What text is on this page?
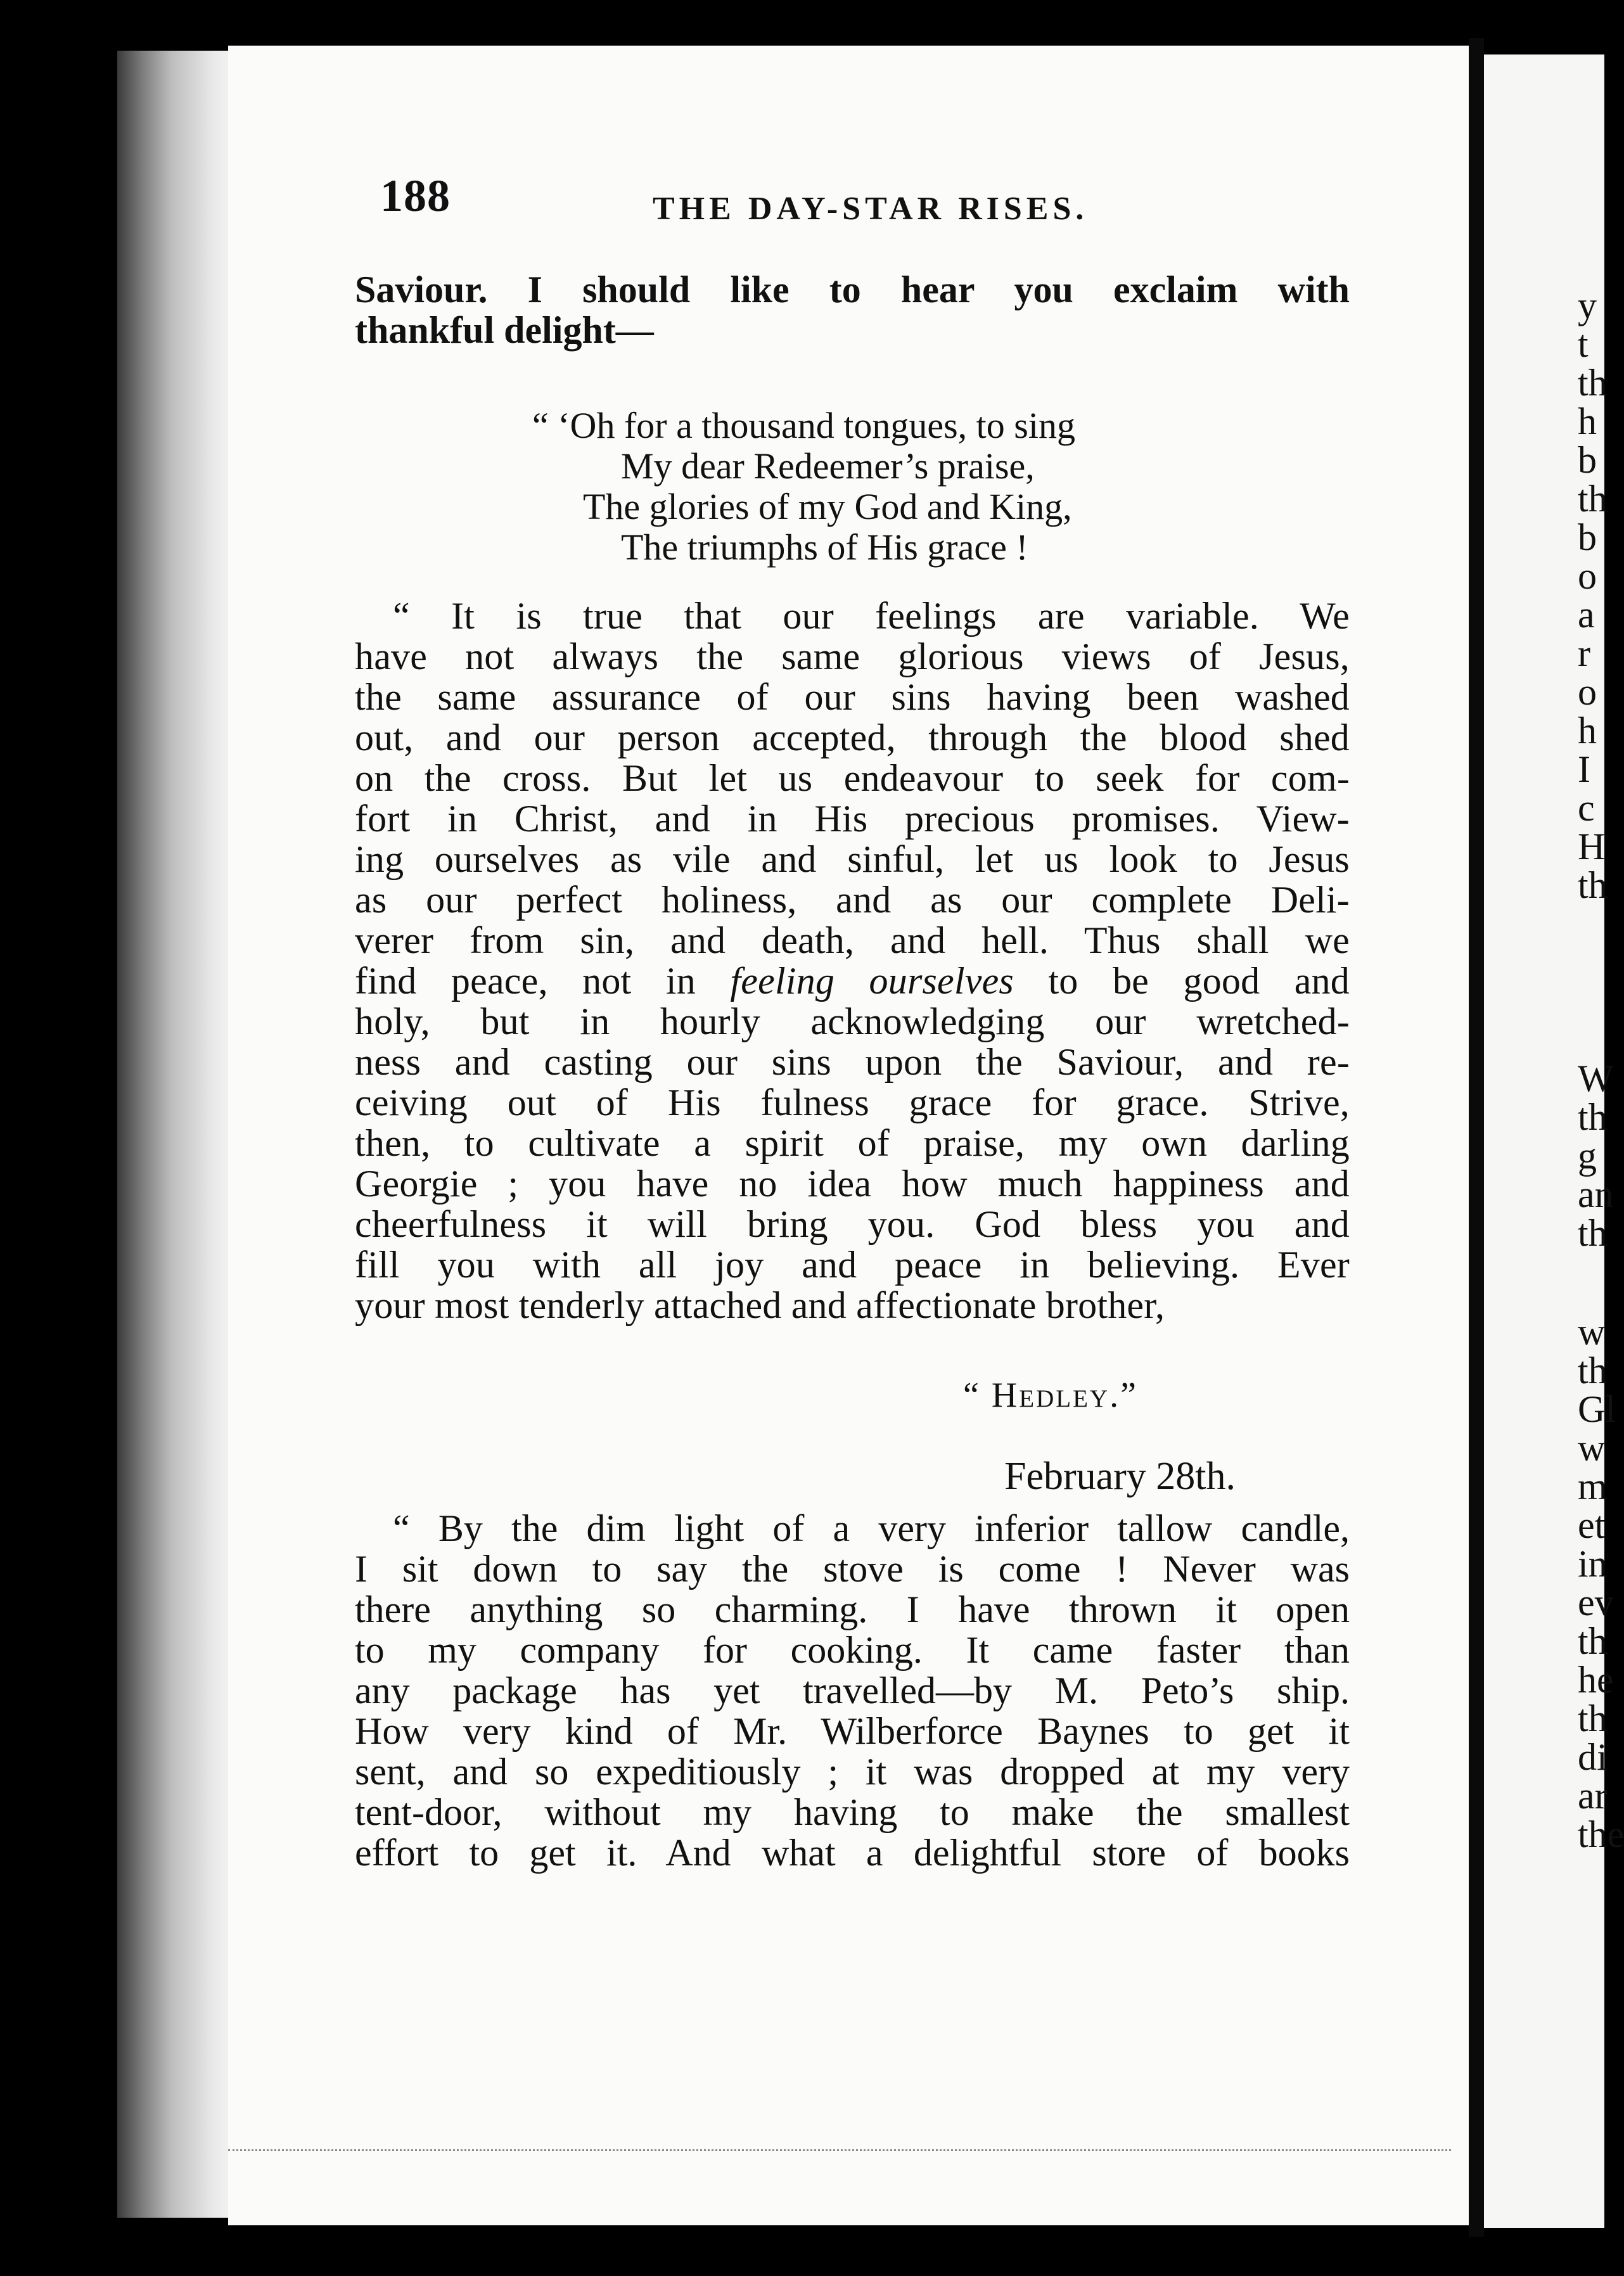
188	THE DAY-STAR RISES.
Saviour. I should like to hear you exclaim with
thankful delight—
“ ‘Oh for a thousand tongues, to sing
My dear Redeemer’s praise,
The glories of my God and King,
The triumphs of His grace !
“ It is true that our feelings are variable. We
have not always the same glorious views of Jesus,
the same assurance of our sins having been washed
out, and our person accepted, through the blood shed
on the cross. But let us endeavour to seek for com-
fort in Christ, and in His precious promises. View-
ing ourselves as vile and sinful, let us look to Jesus
as our perfect holiness, and as our complete Deli-
verer from sin, and death, and hell. Thus shall we
find peace, not in feeling ourselves to be good and
holy, but in hourly acknowledging our wretched-
ness and casting our sins upon the Saviour, and re-
ceiving out of His fulness grace for grace. Strive,
then, to cultivate a spirit of praise, my own darling
Georgie ; you have no idea how much happiness and
cheerfulness it will bring you. God bless you and
fill you with all joy and peace in believing. Ever
your most tenderly attached and affectionate brother,
“ Hedley.”
February 28th.
“ By the dim light of a very inferior tallow candle,
I sit down to say the stove is come ! Never was
there anything so charming. I have thrown it open
to my company for cooking. It came faster than
any package has yet travelled—by M. Peto’s ship.
How very kind of Mr. Wilberforce Baynes to get it
sent, and so expeditiously ; it was dropped at my very
tent-door, without my having to make the smallest
effort to get it. And what a delightful store of books
y
t
th
h
b
th
b
o
a
r
o
h
I
c
H
th
W
th
g
an
th
w
th
Gl
w
m
et
in
ev
th
he
th
di
ar
the
